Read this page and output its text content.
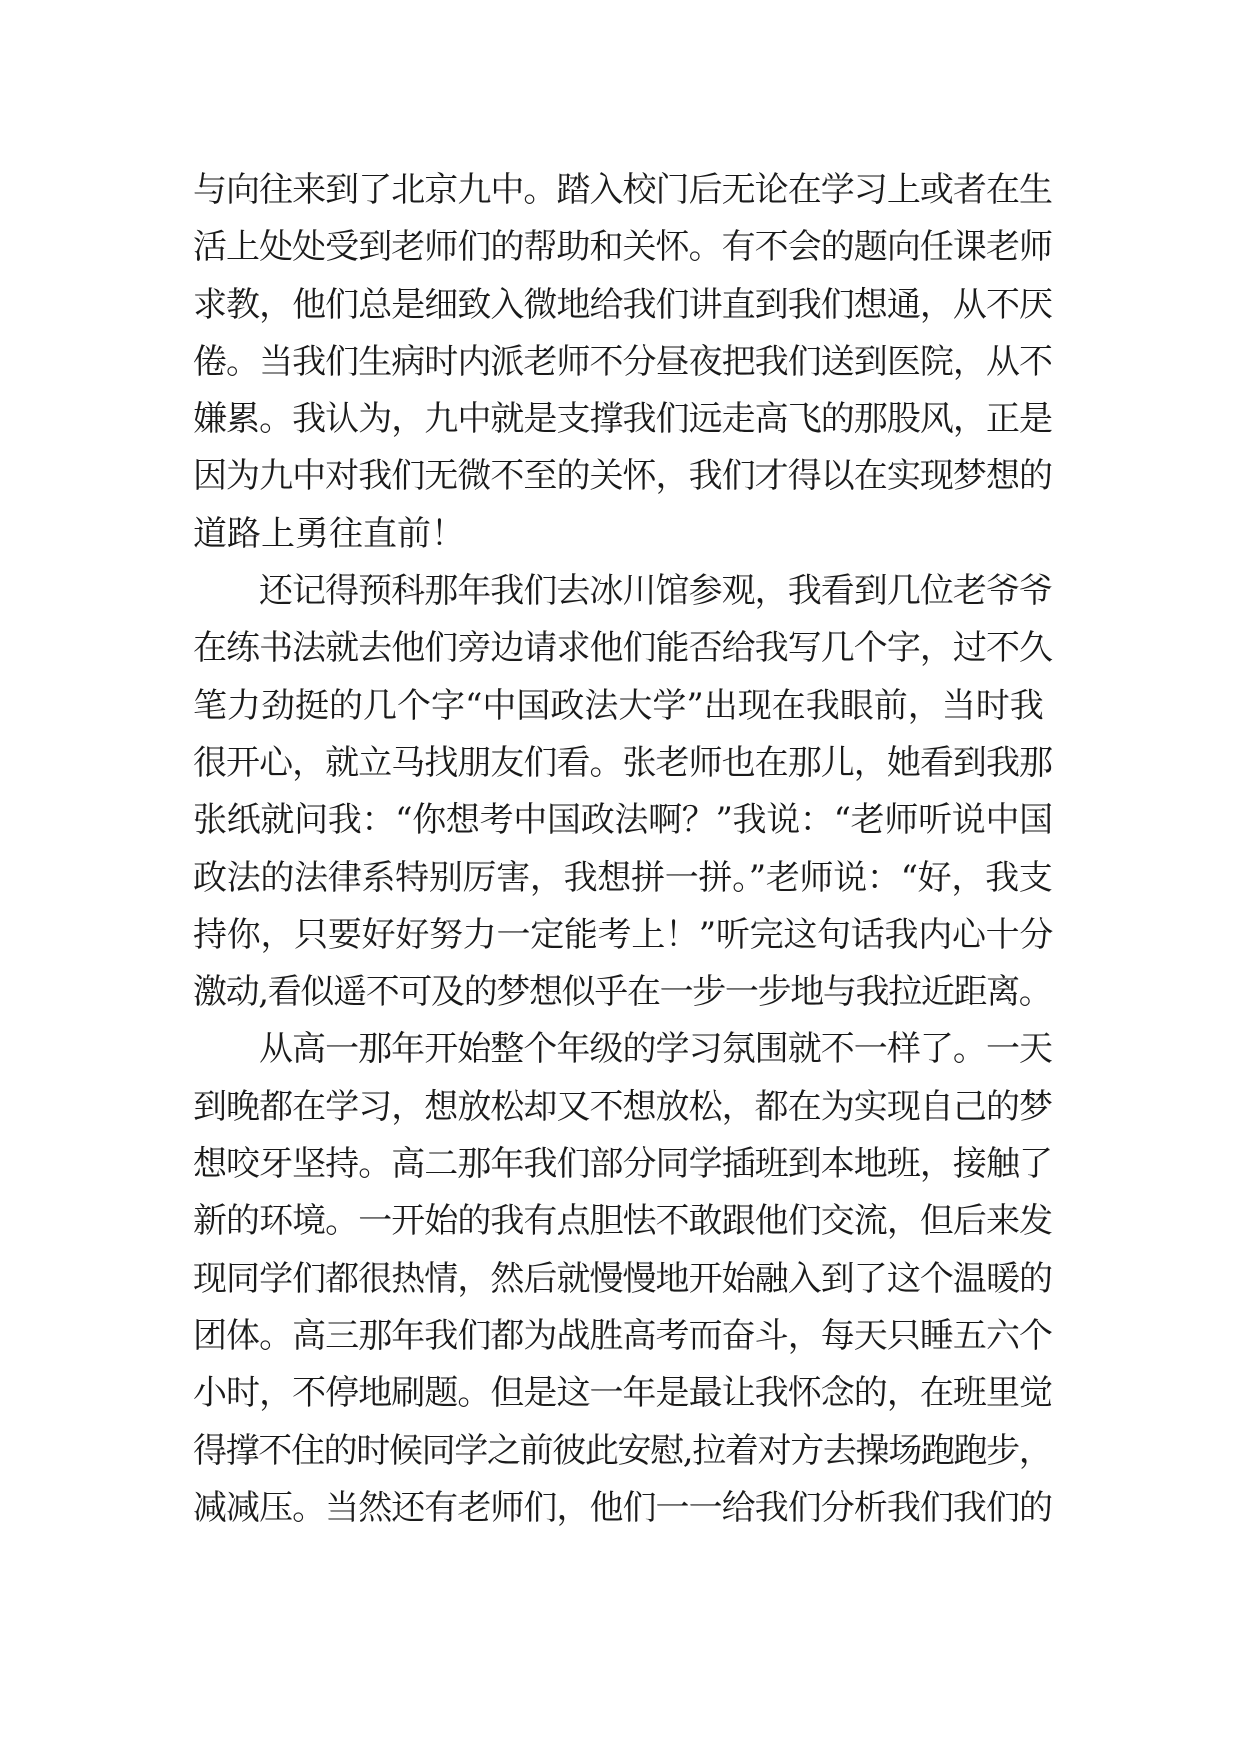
与向往来到了北京九中。踏入校门后无论在学习上或者在生
活上处处受到老师们的帮助和关怀。有不会的题向任课老师
求教，他们总是细致入微地给我们讲直到我们想通，从不厌
倦。当我们生病时内派老师不分昼夜把我们送到医院，从不
嫌累。我认为，九中就是支撑我们远走高飞的那股风，正是
因为九中对我们无微不至的关怀，我们才得以在实现梦想的
道路上勇往直前！
还记得预科那年我们去冰川馆参观，我看到几位老爷爷
在练书法就去他们旁边请求他们能否给我写几个字，过不久
笔力劲挺的几个字“中国政法大学”出现在我眼前，当时我
很开心，就立马找朋友们看。张老师也在那儿，她看到我那
张纸就问我：“你想考中国政法啊？”我说：“老师听说中国
政法的法律系特别厉害，我想拼一拼。”老师说：“好，我支
持你，只要好好努力一定能考上！”听完这句话我内心十分
激动,看似遥不可及的梦想似乎在一步一步地与我拉近距离。
从高一那年开始整个年级的学习氛围就不一样了。一天
到晚都在学习，想放松却又不想放松，都在为实现自己的梦
想咬牙坚持。高二那年我们部分同学插班到本地班，接触了
新的环境。一开始的我有点胆怯不敢跟他们交流，但后来发
现同学们都很热情，然后就慢慢地开始融入到了这个温暖的
团体。高三那年我们都为战胜高考而奋斗，每天只睡五六个
小时，不停地刷题。但是这一年是最让我怀念的，在班里觉
得撑不住的时候同学之前彼此安慰,拉着对方去操场跑跑步，
减减压。当然还有老师们，他们一一给我们分析我们我们的
